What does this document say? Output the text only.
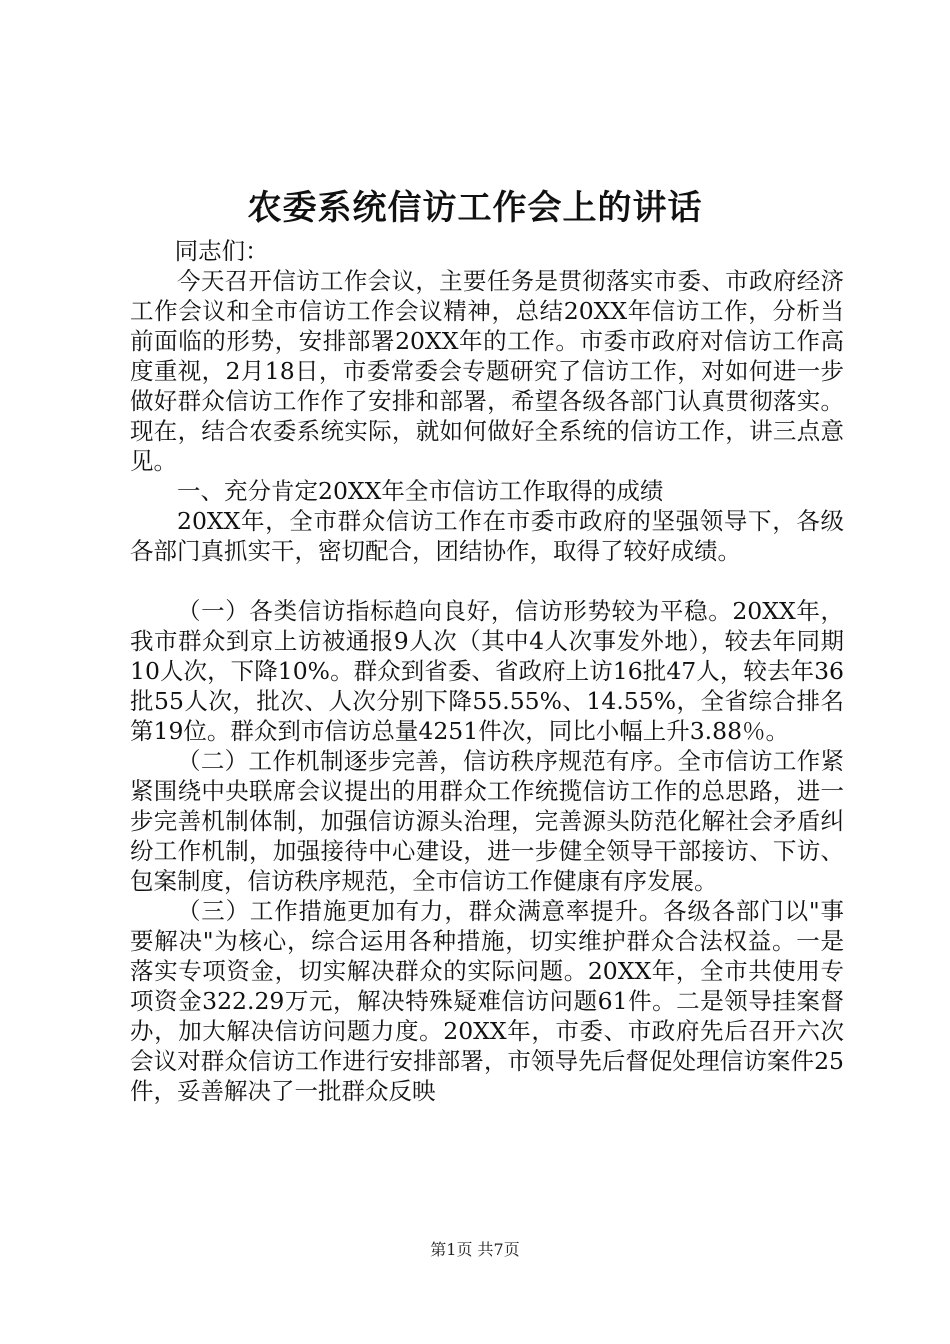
农委系统信访工作会上的讲话

同志们：

今天召开信访工作会议，主要任务是贯彻落实市委、市政府经济工作会议和全市信访工作会议精神，总结20XX年信访工作，分析当前面临的形势，安排部署20XX年的工作。市委市政府对信访工作高度重视，2月18日，市委常委会专题研究了信访工作，对如何进一步做好群众信访工作作了安排和部署，希望各级各部门认真贯彻落实。现在，结合农委系统实际，就如何做好全系统的信访工作，讲三点意见。

一、充分肯定20XX年全市信访工作取得的成绩

20XX年，全市群众信访工作在市委市政府的坚强领导下，各级各部门真抓实干，密切配合，团结协作，取得了较好成绩。

（一）各类信访指标趋向良好，信访形势较为平稳。20XX年，我市群众到京上访被通报9人次（其中4人次事发外地），较去年同期10人次，下降10%。群众到省委、省政府上访16批47人，较去年36批55人次，批次、人次分别下降55.55%、14.55%，全省综合排名第19位。群众到市信访总量4251件次，同比小幅上升3.88％。

（二）工作机制逐步完善，信访秩序规范有序。全市信访工作紧紧围绕中央联席会议提出的用群众工作统揽信访工作的总思路，进一步完善机制体制，加强信访源头治理，完善源头防范化解社会矛盾纠纷工作机制，加强接待中心建设，进一步健全领导干部接访、下访、包案制度，信访秩序规范，全市信访工作健康有序发展。

（三）工作措施更加有力，群众满意率提升。各级各部门以"事要解决"为核心，综合运用各种措施，切实维护群众合法权益。一是落实专项资金，切实解决群众的实际问题。20XX年，全市共使用专项资金322.29万元，解决特殊疑难信访问题61件。二是领导挂案督办，加大解决信访问题力度。20XX年，市委、市政府先后召开六次会议对群众信访工作进行安排部署，市领导先后督促处理信访案件25件，妥善解决了一批群众反映

第1页 共7页
